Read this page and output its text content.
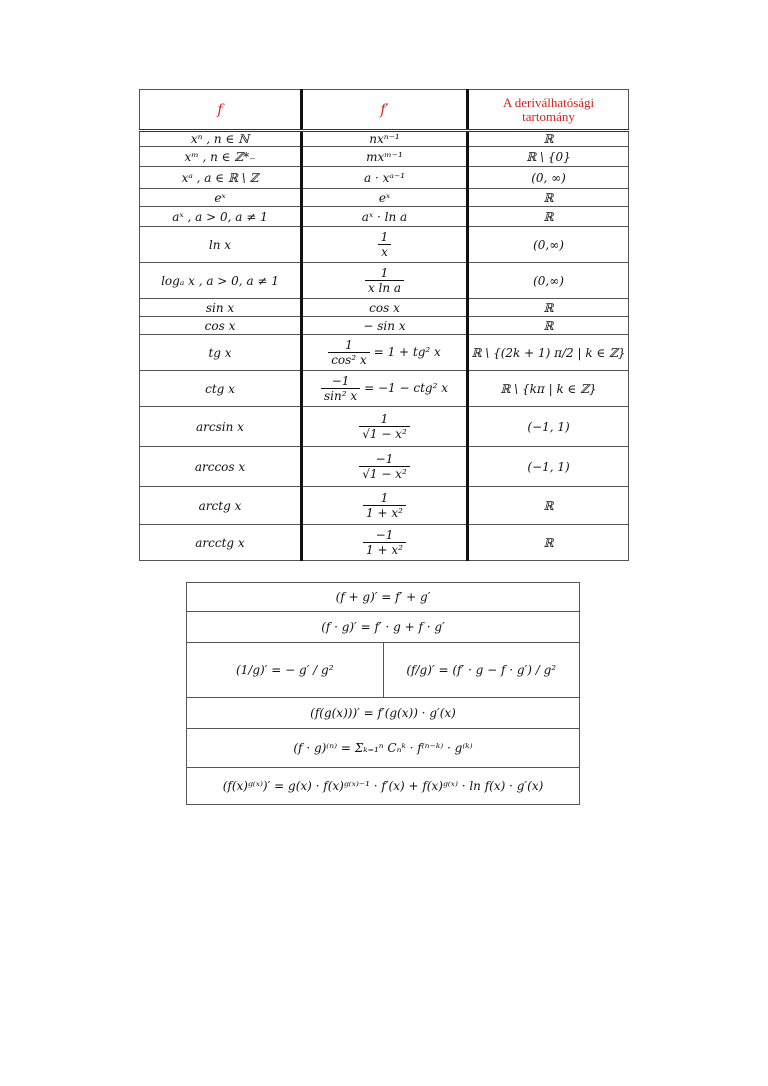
f	f′	A deriválhatósági
tartomány
xⁿ , n ∈ ℕ	nxⁿ⁻¹	ℝ
xᵐ , n ∈ ℤ*₋	mxᵐ⁻¹	ℝ \ {0}
xᵃ , a ∈ ℝ \ ℤ	a · xᵃ⁻¹	(0, ∞)
eˣ	eˣ	ℝ
aˣ , a > 0, a ≠ 1	aˣ · ln a	ℝ
ln x	$\frac{1}{x}$	(0,∞)
logₐ x , a > 0, a ≠ 1	$\frac{1}{\text{x ln a}}$	(0,∞)
sin x	cos x	ℝ
cos x	− sin x	ℝ
tg x	$\frac{1}{\text{cos² x}} = 1 + tg^2$ x	ℝ \ {(2k + 1) π/2 | k ∈ ℤ}
ctg x	$\frac{-1}{\text{sin² x}} = -1 - ctg^2$ x	ℝ \ {kπ | k ∈ ℤ}
arcsin x	$\frac{1}{\text{√1 − x²}}$	(−1, 1)
arccos x	$\frac{-1}{\text{√1 − x²}}$	(−1, 1)
arctg x	$\frac{1}{\text{1 + x²}}$	ℝ
arcctg x	$\frac{-1}{\text{1 + x²}}$	ℝ
(f + g)′ = f′ + g′
(f · g)′ = f′ · g + f · g′
(1/g)′ = − g′ / g²	(f/g)′ = (f′ · g − f · g′) / g²
(f(g(x)))′ = f′(g(x)) · g′(x)
(f · g)⁽ⁿ⁾ = Σₖ₌₁ⁿ Cₙᵏ · f⁽ⁿ⁻ᵏ⁾ · g⁽ᵏ⁾
(f(x)ᵍ⁽ˣ⁾)′ = g(x) · f(x)ᵍ⁽ˣ⁾⁻¹ · f′(x) + f(x)ᵍ⁽ˣ⁾ · ln f(x) · g′(x)
